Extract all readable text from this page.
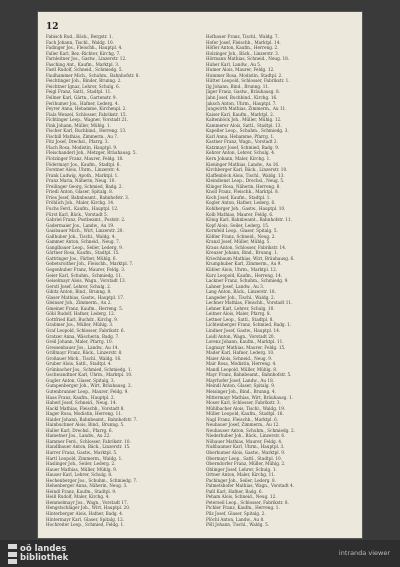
12
Fabisch Rud., Bäck., Bergstr. 1.
Fach Johann, Tischl., Waldg. 10.
Fadinger Jos., Fleischh., Hauptpl. 4.
Faller Karl, Bez.-Richter, Kirchg. 7.
Farnleitner Jos., Gastw., Linzerstr. 12.
Fasching Ant., Kaufm., Marktpl. 3.
Fastl Rudolf, Schneid., Schmiedg. 5.
Faulhammer Mich., Schuhm., Bahnhofstr. 8.
Feichtinger Joh., Binder, Brunng. 2.
Feichtner Ignaz, Lehrer, Schulg. 6.
Feigl Franz, Sattl., Stadtpl. 11.
Fellner Karl, Gärtn., Gartenstr. 9.
Ferihumer Jos., Hafner, Lederg. 4.
Feyrer Anna, Hebamme, Kirchenpl. 2.
Fiala Wenzel, Schlosser, Fabrikstr. 15.
Fichtinger Leop., Wagner, Vorstadt 21.
Fink Johann, Müller, Mühlg. 1.
Fischer Karl, Buchbind., Herreng. 13.
Fischill Mathias, Zimmerm., Au 7.
Fitz Josef, Drechsl., Pfarrg. 3.
Flach Rosa, Modistin, Hauptpl. 9.
Fleischanderl Joh., Metzger, Bräuhausg. 5.
Flotzinger Franz, Maurer, Feldg. 18.
Födermayr Jos., Kaufm., Stadtpl. 6.
Forstner Alois, Uhrm., Linzerstr. 4.
Frank Ludwig, Apoth., Marktpl. 1.
Franz Maria, Näherin, Neug. 10.
Freilinger Georg, Schmied, Badg. 2.
Friedl Anton, Glaser, Spitalg. 8.
Fries Josef, Bahnbeamt., Bahnhofstr. 3.
Fröhlich Joh., Maler, Kirchg. 14.
Fuchs Ferd., Kaufm., Hauptpl. 12.
Fürst Karl, Bäck., Vorstadt 5.
Gabriel Franz, Postbeamt., Poststr. 2.
Gadermaier Jos., Landw., Au 19.
Gaisbauer Mich., Wirt, Linzerstr. 20.
Gallhuber Joh., Tischl., Waldg. 4.
Gammer Anton, Schneid., Neug. 7.
Ganglbauer Leop., Seiler, Lederg. 9.
Gärtner Rosa, Kaufm., Stadtpl. 15.
Gattringer Jos., Färber, Mühlg. 6.
Gebetsroither Joh., Fleischh., Marktpl. 7.
Gegenhuber Franz, Maurer, Feldg. 3.
Geier Karl, Schuhm., Schmiedg. 11.
Geiselmayr Alois, Wagn., Vorstadt 13.
Gerstl Josef, Lehrer, Schulg. 2.
Gibitz Anton, Bind., Brunng. 8.
Glaser Mathias, Gastw., Hauptpl. 17.
Gleinser Joh., Zimmerm., Au 2.
Gmeiner Franz, Kaufm., Herreng. 5.
Göbl Rudolf, Hafner, Lederg. 12.
Gottfried Karl, Buchdr., Kirchg. 9.
Grabmer Jos., Müller, Mühlg. 3.
Graf Leopold, Schlosser, Fabrikstr. 6.
Gratzer Anna, Wäscherin, Badg. 7.
Greil Johann, Maler, Pfarrg. 10.
Gressenbauer Jos., Landw., Au 14.
Grillmayr Franz, Bäck., Linzerstr. 8.
Großauer Mich., Tischl., Waldg. 16.
Gruber Alois, Sattl., Stadtpl. 4.
Grünbacher Jos., Schmied, Schmiedg. 1.
Gschwandtner Karl, Uhrm., Marktpl. 10.
Gugler Anton, Glaser, Spitalg. 3.
Gumpenberger Joh., Wirt, Bräuhausg. 2.
Gutenbrunner Leop., Maurer, Feldg. 9.
Haas Franz, Kaufm., Hauptpl. 2.
Haberl Josef, Schneid., Neug. 14.
Hackl Mathias, Fleischh., Vorstadt 8.
Hager Rosa, Modistin, Herreng. 11.
Haider Johann, Bahnbeamt., Bahnhofstr. 7.
Hainbuchner Alois, Bind., Brunng. 5.
Haller Karl, Drechsl., Pfarrg. 6.
Hametner Jos., Landw., Au 22.
Hammer Ferd., Schlosser, Fabrikstr. 10.
Handlbauer Anton, Bäck., Linzerstr. 15.
Harrer Franz, Gastw., Marktpl. 5.
Hartl Leopold, Zimmerm., Waldg. 1.
Haslinger Joh., Seiler, Lederg. 2.
Hauer Mathias, Müller, Mühlg. 9.
Hauser Karl, Lehrer, Schulg. 8.
Hechenberger Jos., Schuhm., Schmiedg. 7.
Hehenberger Anna, Näherin, Neug. 3.
Heindl Franz, Kaufm., Stadtpl. 9.
Heiß Rudolf, Maler, Kirchg. 4.
Hemmelmayr Jos., Wagn., Vorstadt 17.
Hengstschläger Joh., Wirt, Hauptpl. 20.
Hinterberger Alois, Hafner, Badg. 4.
Hintermayr Karl, Glaser, Spitalg. 12.
Hochreiter Leop., Schmied, Feldg. 1.
Hofbauer Franz, Tischl., Waldg. 7.
Hofer Josef, Fleischh., Marktpl. 14.
Höfler Anton, Kaufm., Herreng. 2.
Holzinger Joh., Bäck., Linzerstr. 3.
Hörmann Mathias, Schneid., Neug. 18.
Huber Karl, Landw., Au 5.
Humer Alois, Maurer, Feldg. 12.
Hummer Rosa, Modistin, Stadtpl. 2.
Hütter Leopold, Schlosser, Fabrikstr. 1.
Ilg Johann, Bind., Brunng. 11.
Jäger Franz, Gastw., Bräuhausg. 8.
Jahn Josef, Buchbind., Kirchg. 16.
Jaksch Anton, Uhrm., Hauptpl. 7.
Jungwirth Mathias, Zimmerm., Au 11.
Kaiser Karl, Kaufm., Marktpl. 2.
Kaltenböck Joh., Müller, Mühlg. 12.
Kammerer Alois, Sattl., Stadtpl. 13.
Kapeller Leop., Schuhm., Schmiedg. 3.
Karl Anna, Hebamme, Pfarrg. 1.
Kastner Franz, Wagn., Vorstadt 2.
Katzmayr Josef, Schmied, Badg. 9.
Kehrer Anton, Lehrer, Schulg. 4.
Kern Johann, Maler, Kirchg. 1.
Kieninger Mathias, Landw., Au 16.
Kirchberger Karl, Bäck., Linzerstr. 10.
Klaffenböck Alois, Tischl., Waldg. 13.
Kleindienst Leop., Drechsl., Neug. 5.
Klinger Rosa, Näherin, Herreng. 8.
Knoll Franz, Fleischh., Marktpl. 8.
Koch Josef, Kaufm., Stadtpl. 1.
Kogler Anton, Hafner, Lederg. 6.
Kohlberger Joh., Gastw., Hauptpl. 10.
Kolb Mathias, Maurer, Feldg. 6.
König Karl, Bahnbeamt., Bahnhofstr. 11.
Kopf Alois, Seiler, Lederg. 15.
Kornfeld Leop., Glaser, Spitalg. 5.
Kößler Franz, Schneid., Neug. 2.
Kranzl Josef, Müller, Mühlg. 5.
Kraus Anton, Schlosser, Fabrikstr. 14.
Kreuzer Johann, Bind., Brunng. 1.
Kriechbaum Mathias, Wirt, Bräuhausg. 6.
Krumphuber Karl, Zimmerm., Au 9.
Kübler Alois, Uhrm., Marktpl. 12.
Kurz Leopold, Kaufm., Herreng. 14.
Lackner Franz, Schuhm., Schmiedg. 9.
Lahner Josef, Landw., Au 3.
Lang Anton, Bäck., Linzerstr. 18.
Langeder Joh., Tischl., Waldg. 2.
Lechner Mathias, Fleischh., Vorstadt 11.
Lehner Karl, Lehrer, Schulg. 10.
Leitner Alois, Maler, Pfarrg. 8.
Lettner Leop., Sattl., Stadtpl. 8.
Lichtenberger Franz, Schmied, Badg. 1.
Lindner Josef, Gastw., Hauptpl. 14.
Loidl Anton, Wagn., Vorstadt 20.
Lorenz Johann, Kaufm., Marktpl. 11.
Lugmayr Mathias, Maurer, Feldg. 15.
Mader Karl, Hafner, Lederg. 10.
Maier Alois, Schneid., Neug. 9.
Mair Rosa, Modistin, Herreng. 4.
Mandl Leopold, Müller, Mühlg. 8.
Mayr Franz, Bahnbeamt., Bahnhofstr. 5.
Mayrhofer Josef, Landw., Au 18.
Meindl Anton, Glaser, Spitalg. 9.
Meisinger Joh., Bind., Brunng. 4.
Mittermayr Mathias, Wirt, Bräuhausg. 1.
Moser Karl, Schlosser, Fabrikstr. 3.
Mühlbacher Alois, Tischl., Waldg. 19.
Müller Leopold, Kaufm., Stadtpl. 16.
Nagl Franz, Fleischh., Marktpl. 6.
Neubauer Josef, Zimmerm., Au 12.
Neuhauser Anton, Schuhm., Schmiedg. 2.
Niederhuber Joh., Bäck., Linzerstr. 6.
Nöbauer Mathias, Maurer, Feldg. 4.
Nußbaumer Karl, Uhrm., Hauptpl. 3.
Oberhumer Alois, Gastw., Marktpl. 9.
Obermayr Leop., Sattl., Stadtpl. 10.
Oberndorfer Franz, Müller, Mühlg. 2.
Öhlinger Josef, Lehrer, Schulg. 1.
Ortner Anton, Maler, Kirchg. 11.
Pachinger Joh., Seiler, Lederg. 8.
Palmetshofer Mathias, Wagn., Vorstadt 4.
Paßl Karl, Hafner, Badg. 6.
Peham Alois, Schneid., Neug. 12.
Peterseil Leop., Schlosser, Fabrikstr. 8.
Pichler Franz, Kaufm., Herreng. 1.
Pilz Josef, Glaser, Spitalg. 2.
Plöchl Anton, Landw., Au 8.
Pöll Johann, Tischl., Waldg. 5.
oö landes
bibliothek	intranda viewer
